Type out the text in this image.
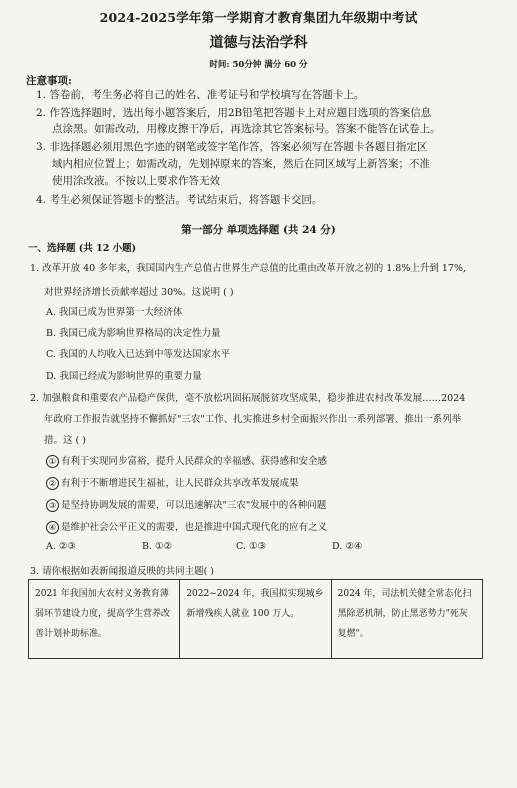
2024-2025学年第一学期育才教育集团九年级期中考试
道德与法治学科
时间: 50分钟 满分 60 分
注意事项:
1. 答卷前，考生务必将自己的姓名、准考证号和学校填写在答题卡上。
2. 作答选择题时，选出每小题答案后，用2B铅笔把答题卡上对应题目选项的答案信息
点涂黑。如需改动，用橡皮擦干净后，再选涂其它答案标号。答案不能答在试卷上。
3. 非选择题必须用黑色字迹的钢笔或签字笔作答，答案必须写在答题卡各题目指定区
域内相应位置上；如需改动，先划掉原来的答案，然后在同区域写上新答案；不准
使用涂改液。不按以上要求作答无效
4. 考生必须保证答题卡的整洁。考试结束后，将答题卡交回。
第一部分 单项选择题 (共 24 分)
一、选择题 (共 12 小题)
1. 改革开放 40 多年来，我国国内生产总值占世界生产总值的比重由改革开放之初的 1.8%上升到 17%,
对世界经济增长贡献率超过 30%。这说明 ( )
A. 我国已成为世界第一大经济体
B. 我国已成为影响世界格局的决定性力量
C. 我国的人均收入已达到中等发达国家水平
D. 我国已经成为影响世界的重要力量
2. 加强粮食和重要农产品稳产保供，毫不放松巩固拓展脱贫攻坚成果，稳步推进农村改革发展……2024
年政府工作报告就坚持不懈抓好"三农"工作、扎实推进乡村全面振兴作出一系列部署、推出一系列举
措。这 ( )
① 有利于实现同步富裕，提升人民群众的幸福感、获得感和安全感
② 有利于不断增进民生福祉，让人民群众共享改革发展成果
③ 是坚持协调发展的需要，可以迅速解决"三农"发展中的各种问题
④ 是维护社会公平正义的需要，也是推进中国式现代化的应有之义
A. ②③	B. ①②	C. ①③	D. ②④
3. 请你根据如表新闻报道反映的共同主题( )
2021 年我国加大农村义务教育薄弱环节建设力度，提高学生营养改善计划补助标准。	2022~2024 年，我国拟实现城乡新增残疾人就业 100 万人。	2024 年，司法机关健全常态化扫黑除恶机制，防止黑恶势力"死灰复燃"。
